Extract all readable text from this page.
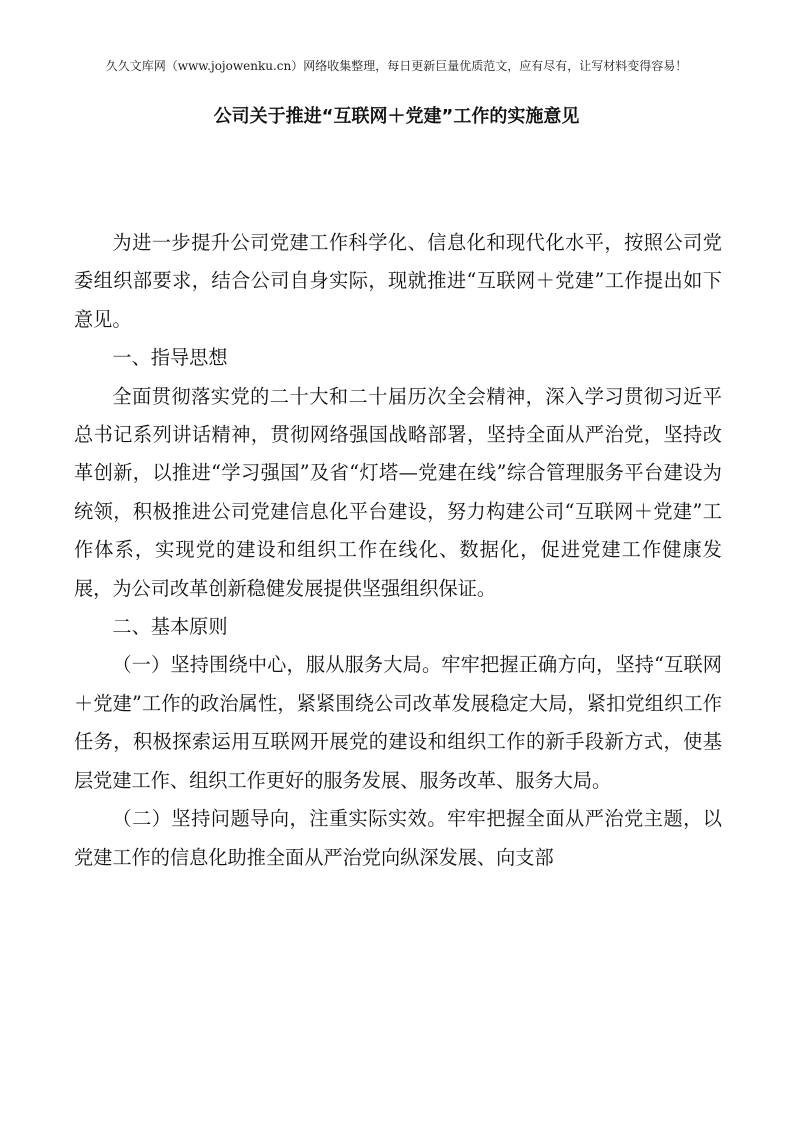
久久文库网（www.jojowenku.cn）网络收集整理，每日更新巨量优质范文，应有尽有，让写材料变得容易！
公司关于推进“互联网＋党建”工作的实施意见

为进一步提升公司党建工作科学化、信息化和现代化水平，按照公司党委组织部要求，结合公司自身实际，现就推进“互联网＋党建”工作提出如下意见。

一、指导思想

全面贯彻落实党的二十大和二十届历次全会精神，深入学习贯彻习近平总书记系列讲话精神，贯彻网络强国战略部署，坚持全面从严治党，坚持改革创新，以推进“学习强国”及省“灯塔—党建在线”综合管理服务平台建设为统领，积极推进公司党建信息化平台建设，努力构建公司“互联网＋党建”工作体系，实现党的建设和组织工作在线化、数据化，促进党建工作健康发展，为公司改革创新稳健发展提供坚强组织保证。

二、基本原则

（一）坚持围绕中心，服从服务大局。牢牢把握正确方向，坚持“互联网＋党建”工作的政治属性，紧紧围绕公司改革发展稳定大局，紧扣党组织工作任务，积极探索运用互联网开展党的建设和组织工作的新手段新方式，使基层党建工作、组织工作更好的服务发展、服务改革、服务大局。

（二）坚持问题导向，注重实际实效。牢牢把握全面从严治党主题，以党建工作的信息化助推全面从严治党向纵深发展、向支部
